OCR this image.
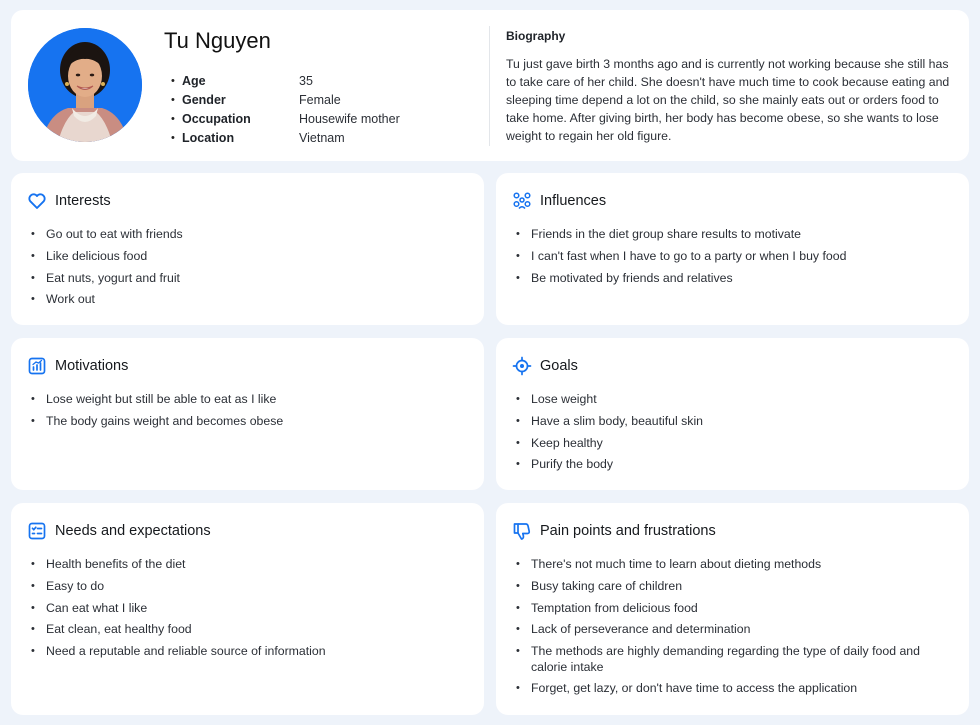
Tu Nguyen
• Age	35
• Gender	Female
• Occupation	Housewife mother
• Location	Vietnam
Biography
Tu just gave birth 3 months ago and is currently not working because she still has to take care of her child. She doesn't have much time to cook because eating and sleeping time depend a lot on the child, so she mainly eats out or orders food to take home. After giving birth, her body has become obese, so she wants to lose weight to regain her old figure.
Interests
• Go out to eat with friends
• Like delicious food
• Eat nuts, yogurt and fruit
• Work out
Influences
• Friends in the diet group share results to motivate
• I can't fast when I have to go to a party or when I buy food
• Be motivated by friends and relatives
Motivations
• Lose weight but still be able to eat as I like
• The body gains weight and becomes obese
Goals
• Lose weight
• Have a slim body, beautiful skin
• Keep healthy
• Purify the body
Needs and expectations
• Health benefits of the diet
• Easy to do
• Can eat what I like
• Eat clean, eat healthy food
• Need a reputable and reliable source of information
Pain points and frustrations
• There's not much time to learn about dieting methods
• Busy taking care of children
• Temptation from delicious food
• Lack of perseverance and determination
• The methods are highly demanding regarding the type of daily food and calorie intake
• Forget, get lazy, or don't have time to access the application
